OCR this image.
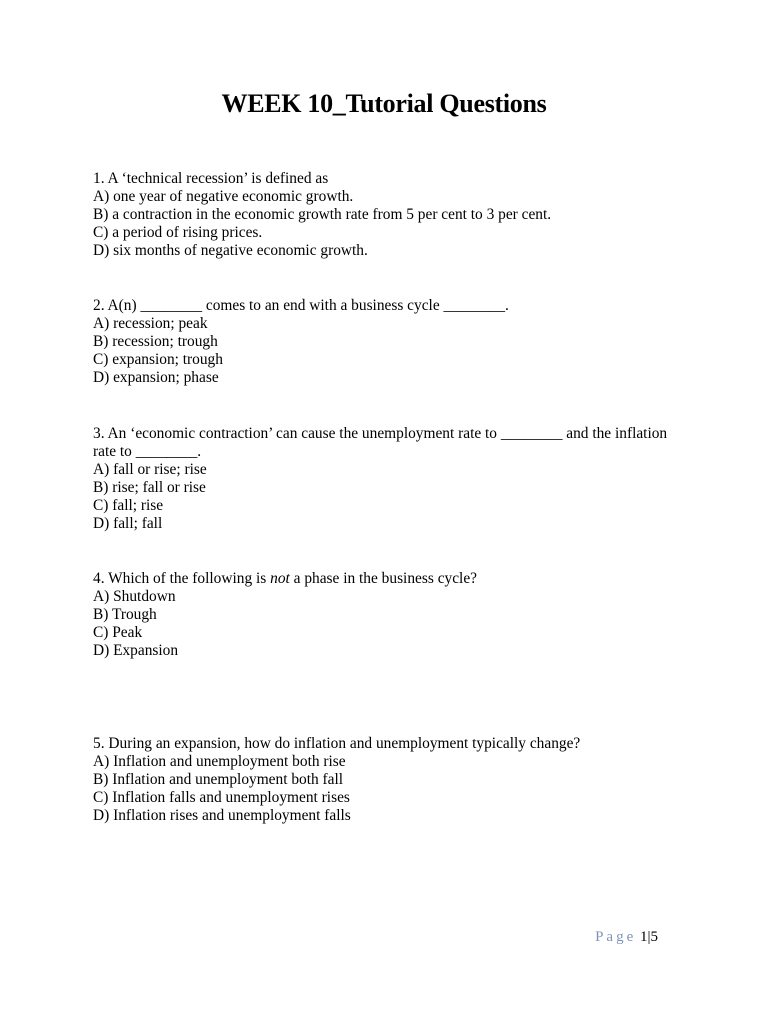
WEEK 10_Tutorial Questions
1. A ‘technical recession’ is defined as
A) one year of negative economic growth.
B) a contraction in the economic growth rate from 5 per cent to 3 per cent.
C) a period of rising prices.
D) six months of negative economic growth.
2. A(n) ________ comes to an end with a business cycle ________.
A) recession; peak
B) recession; trough
C) expansion; trough
D) expansion; phase
3. An ‘economic contraction’ can cause the unemployment rate to ________ and the inflation rate to ________.
A) fall or rise; rise
B) rise; fall or rise
C) fall; rise
D) fall; fall
4. Which of the following is not a phase in the business cycle?
A) Shutdown
B) Trough
C) Peak
D) Expansion
5. During an expansion, how do inflation and unemployment typically change?
A) Inflation and unemployment both rise
B) Inflation and unemployment both fall
C) Inflation falls and unemployment rises
D) Inflation rises and unemployment falls
Page 1|5
